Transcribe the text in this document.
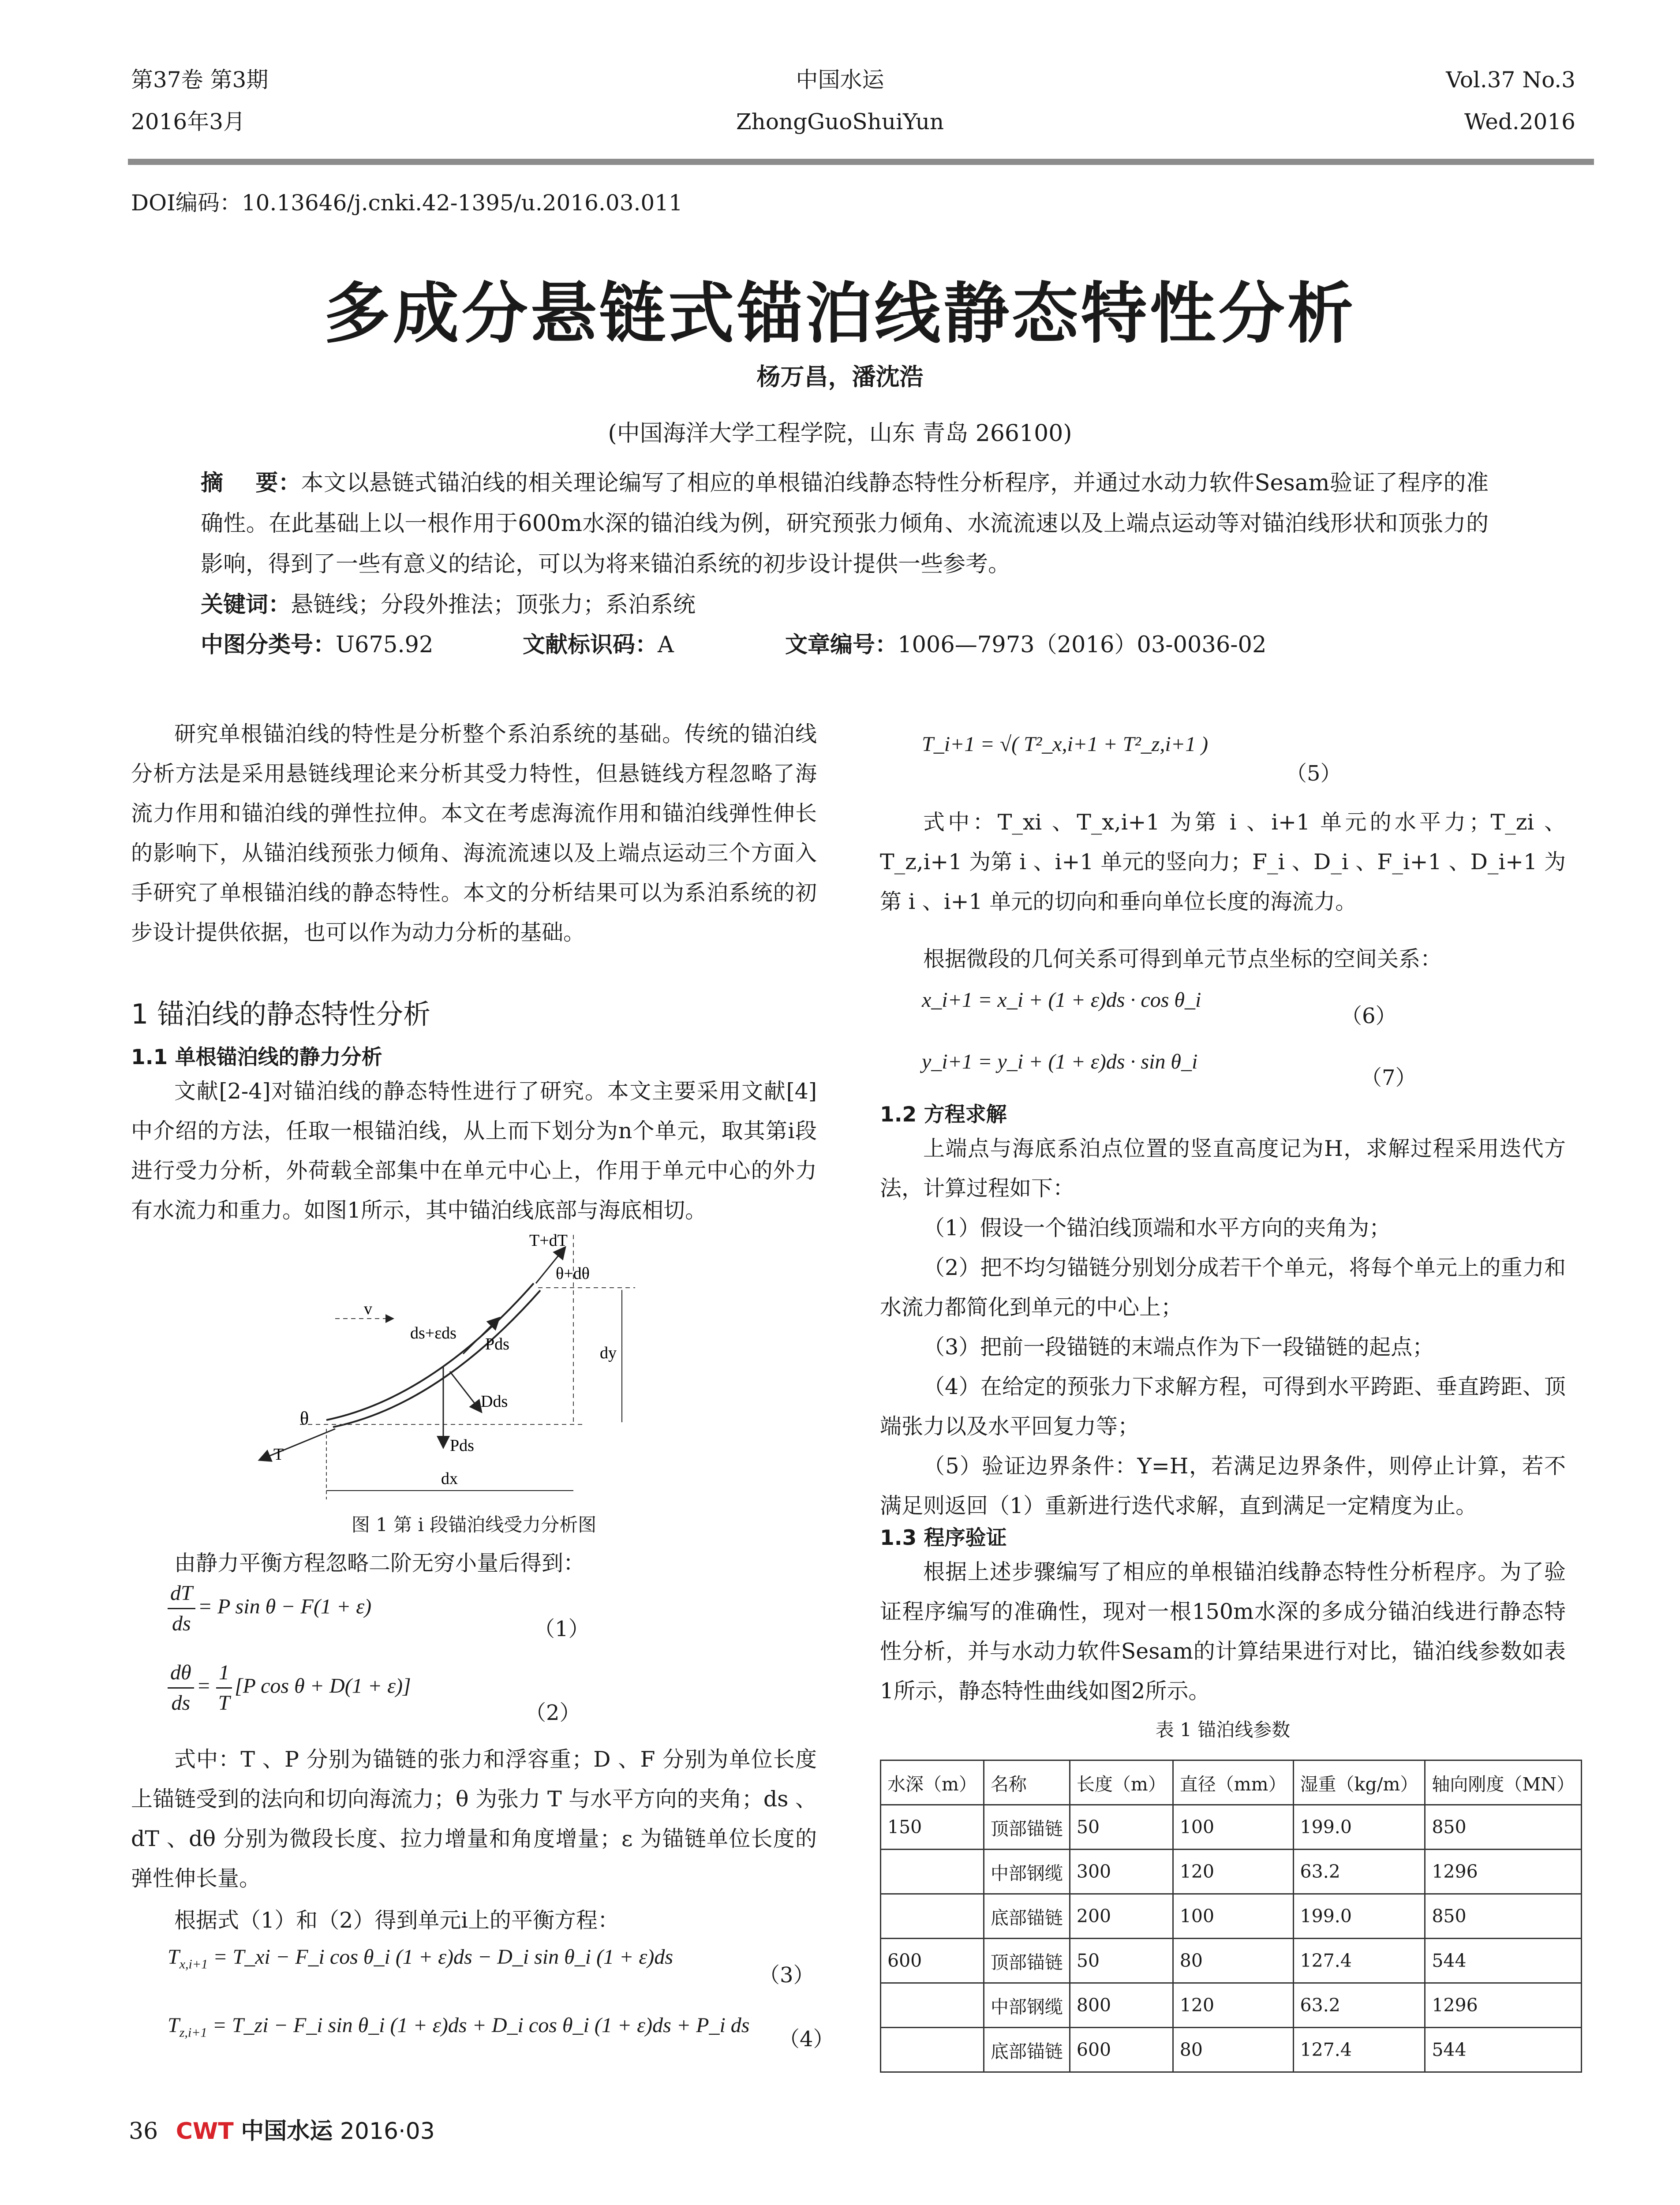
第37卷 第3期
2016年3月
中国水运
ZhongGuoShuiYun
Vol.37 No.3
Wed.2016
DOI编码：10.13646/j.cnki.42-1395/u.2016.03.011
多成分悬链式锚泊线静态特性分析
杨万昌，潘沈浩
(中国海洋大学工程学院，山东 青岛 266100)
摘    要：本文以悬链式锚泊线的相关理论编写了相应的单根锚泊线静态特性分析程序，并通过水动力软件Sesam验证了程序的准确性。在此基础上以一根作用于600m水深的锚泊线为例，研究预张力倾角、水流流速以及上端点运动等对锚泊线形状和顶张力的影响，得到了一些有意义的结论，可以为将来锚泊系统的初步设计提供一些参考。
关键词：悬链线；分段外推法；顶张力；系泊系统
中图分类号：U675.92	文献标识码：A	文章编号：1006—7973（2016）03-0036-02
研究单根锚泊线的特性是分析整个系泊系统的基础。传统的锚泊线分析方法是采用悬链线理论来分析其受力特性，但悬链线方程忽略了海流力作用和锚泊线的弹性拉伸。本文在考虑海流作用和锚泊线弹性伸长的影响下，从锚泊线预张力倾角、海流流速以及上端点运动三个方面入手研究了单根锚泊线的静态特性。本文的分析结果可以为系泊系统的初步设计提供依据，也可以作为动力分析的基础。
1 锚泊线的静态特性分析
1.1 单根锚泊线的静力分析
文献[2-4]对锚泊线的静态特性进行了研究。本文主要采用文献[4]中介绍的方法，任取一根锚泊线，从上而下划分为n个单元，取其第i段进行受力分析，外荷载全部集中在单元中心上，作用于单元中心的外力有水流力和重力。如图1所示，其中锚泊线底部与海底相切。
T+dT
θ+dθ
v
ds+εds
Pds	dy
Dds
θ
T	Pds
dx
图 1 第 i 段锚泊线受力分析图
由静力平衡方程忽略二阶无穷小量后得到：
$\frac{dT}{ds} = P$ sin θ − F(1 + ε)
（1）
$\frac{d\theta}{ds} = \frac{1}{T} [P$ cos θ + D(1 + ε)]
（2）
式中：T 、P 分别为锚链的张力和浮容重；D 、F 分别为单位长度上锚链受到的法向和切向海流力；θ 为张力 T 与水平方向的夹角；ds 、dT 、dθ 分别为微段长度、拉力增量和角度增量；ε 为锚链单位长度的弹性伸长量。
根据式（1）和（2）得到单元i上的平衡方程：
$T_{x,i+1}$ = T_xi − F_i cos θ_i (1 + ε)ds − D_i sin θ_i (1 + ε)ds
（3）
$T_{z,i+1}$ = T_zi − F_i sin θ_i (1 + ε)ds + D_i cos θ_i (1 + ε)ds + P_i ds
（4）
T_i+1 = √( T²_x,i+1 + T²_z,i+1 )
（5）
式中：T_xi 、T_x,i+1 为第 i 、i+1 单元的水平力；T_zi 、T_z,i+1 为第 i 、i+1 单元的竖向力；F_i 、D_i 、F_i+1 、D_i+1 为第 i 、i+1 单元的切向和垂向单位长度的海流力。
根据微段的几何关系可得到单元节点坐标的空间关系：
x_i+1 = x_i + (1 + ε)ds · cos θ_i
（6）
y_i+1 = y_i + (1 + ε)ds · sin θ_i
（7）
1.2 方程求解
上端点与海底系泊点位置的竖直高度记为H，求解过程采用迭代方法，计算过程如下：
（1）假设一个锚泊线顶端和水平方向的夹角为；
（2）把不均匀锚链分别划分成若干个单元，将每个单元上的重力和水流力都简化到单元的中心上；
（3）把前一段锚链的末端点作为下一段锚链的起点；
（4）在给定的预张力下求解方程，可得到水平跨距、垂直跨距、顶端张力以及水平回复力等；
（5）验证边界条件：Y=H，若满足边界条件，则停止计算，若不满足则返回（1）重新进行迭代求解，直到满足一定精度为止。
1.3 程序验证
根据上述步骤编写了相应的单根锚泊线静态特性分析程序。为了验证程序编写的准确性，现对一根150m水深的多成分锚泊线进行静态特性分析，并与水动力软件Sesam的计算结果进行对比，锚泊线参数如表1所示，静态特性曲线如图2所示。
表 1 锚泊线参数
水深（m）	名称	长度（m）	直径（mm）	湿重（kg/m）	轴向刚度（MN）
150	顶部锚链	50	100	199.0	850
	中部钢缆	300	120	63.2	1296
	底部锚链	200	100	199.0	850
600	顶部锚链	50	80	127.4	544
	中部钢缆	800	120	63.2	1296
	底部锚链	600	80	127.4	544
36 CWT 中国水运 2016·03
